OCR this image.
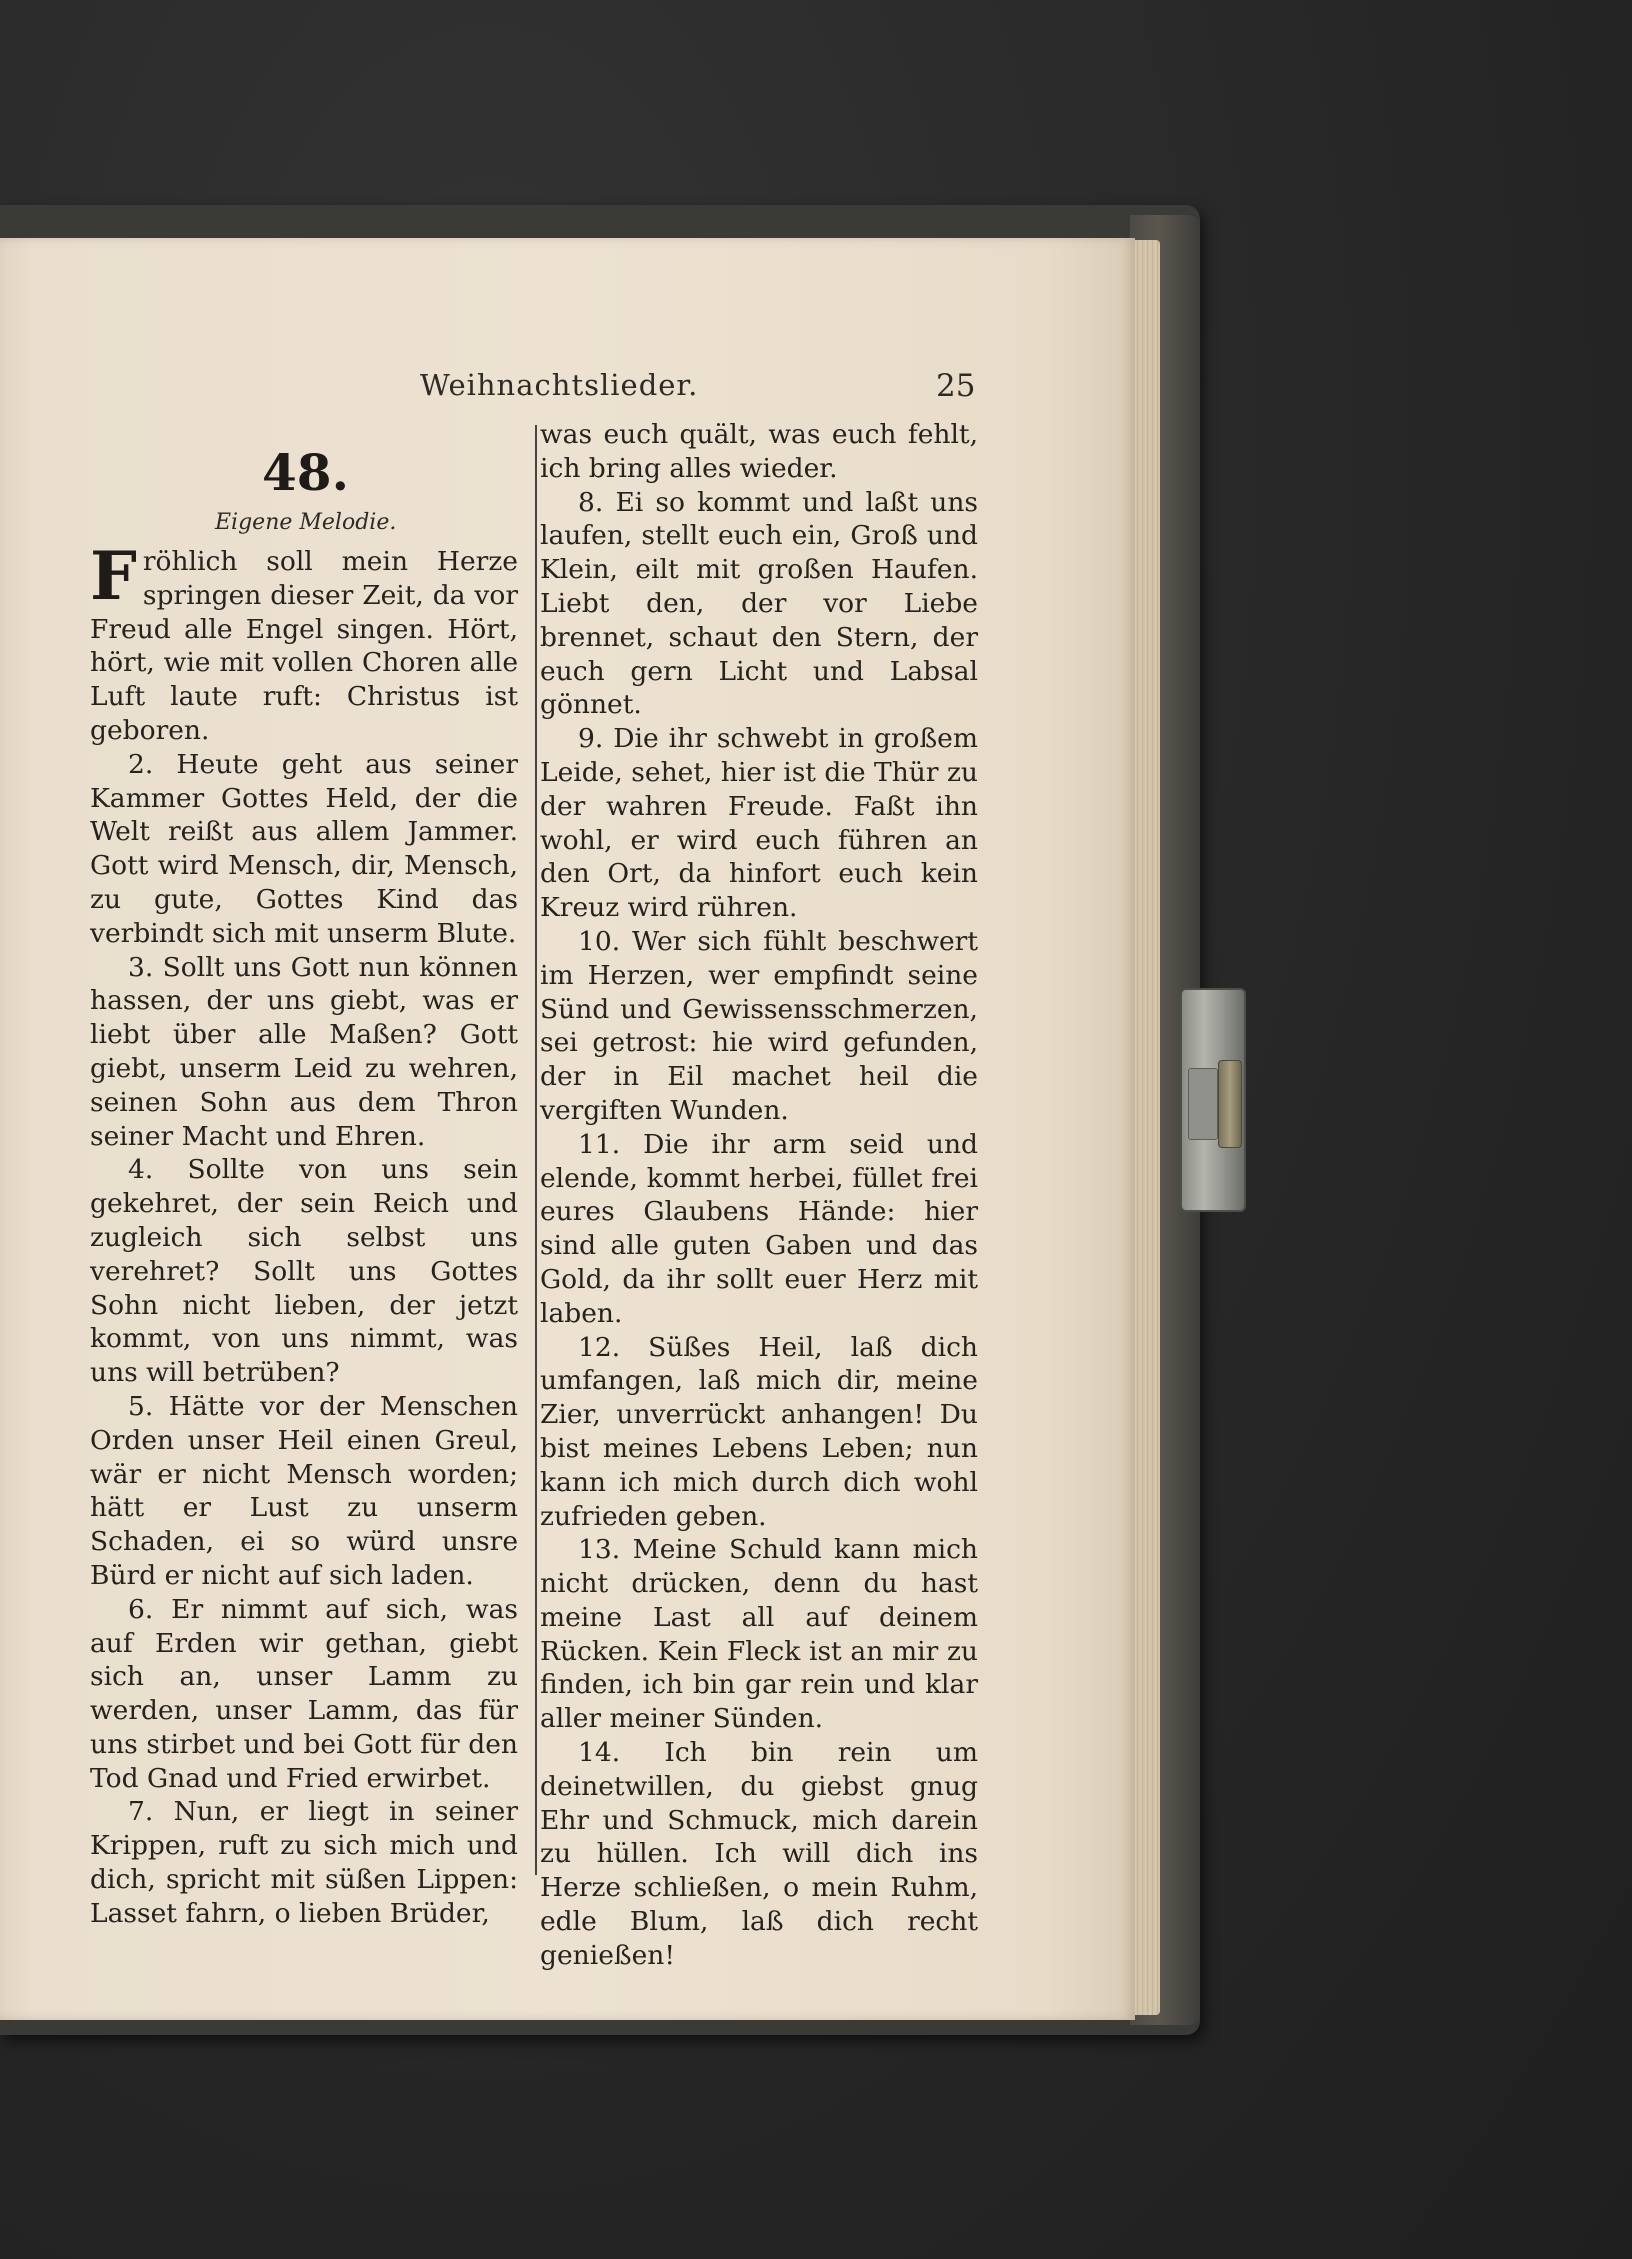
Weihnachtslieder.	25
48.
Eigene Melodie.

Fröhlich soll mein Herze springen dieser Zeit, da vor Freud alle Engel singen. Hört, hört, wie mit vollen Choren alle Luft laute ruft: Christus ist geboren.

2. Heute geht aus seiner Kammer Gottes Held, der die Welt reißt aus allem Jammer. Gott wird Mensch, dir, Mensch, zu gute, Gottes Kind das verbindt sich mit unserm Blute.

3. Sollt uns Gott nun können hassen, der uns giebt, was er liebt über alle Maßen? Gott giebt, unserm Leid zu wehren, seinen Sohn aus dem Thron seiner Macht und Ehren.

4. Sollte von uns sein gekehret, der sein Reich und zugleich sich selbst uns verehret? Sollt uns Gottes Sohn nicht lieben, der jetzt kommt, von uns nimmt, was uns will betrüben?

5. Hätte vor der Menschen Orden unser Heil einen Greul, wär er nicht Mensch worden; hätt er Lust zu unserm Schaden, ei so würd unsre Bürd er nicht auf sich laden.

6. Er nimmt auf sich, was auf Erden wir gethan, giebt sich an, unser Lamm zu werden, unser Lamm, das für uns stirbet und bei Gott für den Tod Gnad und Fried erwirbet.

7. Nun, er liegt in seiner Krippen, ruft zu sich mich und dich, spricht mit süßen Lippen: Lasset fahrn, o lieben Brüder,

was euch quält, was euch fehlt, ich bring alles wieder.

8. Ei so kommt und laßt uns laufen, stellt euch ein, Groß und Klein, eilt mit großen Haufen. Liebt den, der vor Liebe brennet, schaut den Stern, der euch gern Licht und Labsal gönnet.

9. Die ihr schwebt in großem Leide, sehet, hier ist die Thür zu der wahren Freude. Faßt ihn wohl, er wird euch führen an den Ort, da hinfort euch kein Kreuz wird rühren.

10. Wer sich fühlt beschwert im Herzen, wer empfindt seine Sünd und Gewissensschmerzen, sei getrost: hie wird gefunden, der in Eil machet heil die vergiften Wunden.

11. Die ihr arm seid und elende, kommt herbei, füllet frei eures Glaubens Hände: hier sind alle guten Gaben und das Gold, da ihr sollt euer Herz mit laben.

12. Süßes Heil, laß dich umfangen, laß mich dir, meine Zier, unverrückt anhangen! Du bist meines Lebens Leben; nun kann ich mich durch dich wohl zufrieden geben.

13. Meine Schuld kann mich nicht drücken, denn du hast meine Last all auf deinem Rücken. Kein Fleck ist an mir zu finden, ich bin gar rein und klar aller meiner Sünden.

14. Ich bin rein um deinetwillen, du giebst gnug Ehr und Schmuck, mich darein zu hüllen. Ich will dich ins Herze schließen, o mein Ruhm, edle Blum, laß dich recht genießen!
